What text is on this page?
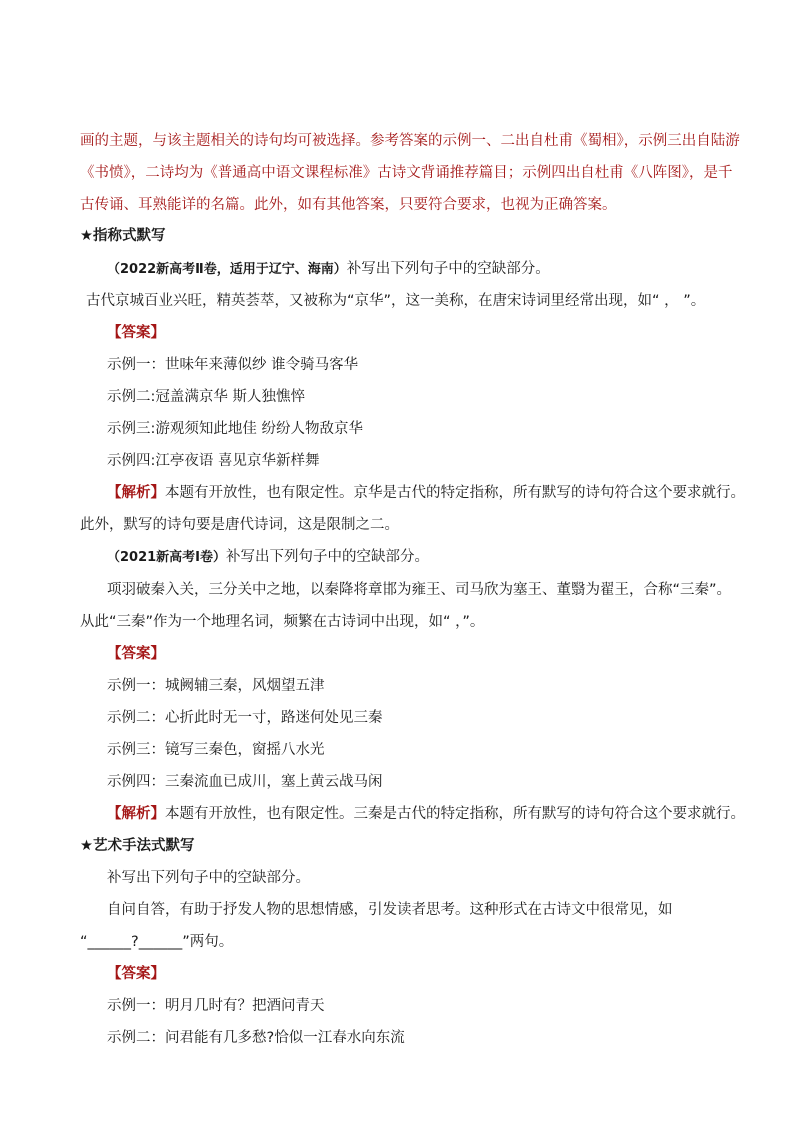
画的主题，与该主题相关的诗句均可被选择。参考答案的示例一、二出自杜甫《蜀相》，示例三出自陆游
《书愤》，二诗均为《普通高中语文课程标准》古诗文背诵推荐篇目；示例四出自杜甫《八阵图》，是千
古传诵、耳熟能详的名篇。此外，如有其他答案，只要符合要求，也视为正确答案。
★指称式默写
（2022新高考Ⅱ卷，适用于辽宁、海南）补写出下列句子中的空缺部分。
古代京城百业兴旺，精英荟萃，又被称为“京华”，这一美称，在唐宋诗词里经常出现，如“ ， ”。
【答案】
示例一：世味年来薄似纱 谁令骑马客华
示例二:冠盖满京华 斯人独憔悴
示例三:游观须知此地佳 纷纷人物敌京华
示例四:江亭夜语 喜见京华新样舞
【解析】本题有开放性，也有限定性。京华是古代的特定指称，所有默写的诗句符合这个要求就行。
此外，默写的诗句要是唐代诗词，这是限制之二。
（2021新高考Ⅰ卷）补写出下列句子中的空缺部分。
项羽破秦入关，三分关中之地，以秦降将章邯为雍王、司马欣为塞王、董翳为翟王，合称“三秦”。
从此“三秦”作为一个地理名词，频繁在古诗词中出现，如“ ，”。
【答案】
示例一：城阙辅三秦，风烟望五津
示例二：心折此时无一寸，路迷何处见三秦
示例三：镜写三秦色，窗摇八水光
示例四：三秦流血已成川，塞上黄云战马闲
【解析】本题有开放性，也有限定性。三秦是古代的特定指称，所有默写的诗句符合这个要求就行。
★艺术手法式默写
补写出下列句子中的空缺部分。
自问自答，有助于抒发人物的思想情感，引发读者思考。这种形式在古诗文中很常见，如
“______?______”两句。
【答案】
示例一：明月几时有？把酒问青天
示例二：问君能有几多愁?恰似一江春水向东流
